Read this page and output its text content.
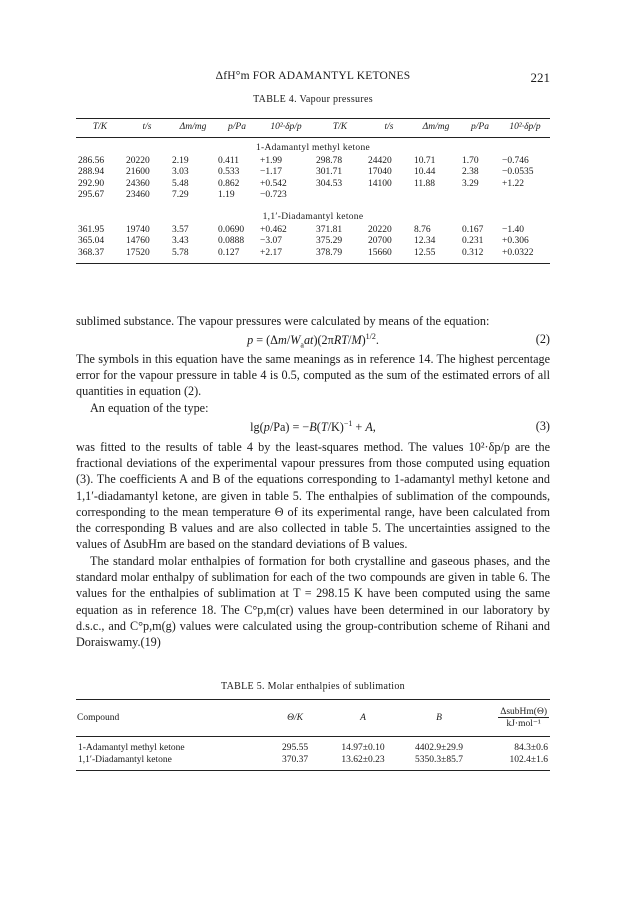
ΔfH°m FOR ADAMANTYL KETONES	221
TABLE 4. Vapour pressures
T/K	t/s	Δm/mg	p/Pa	10²·δp/p	T/K	t/s	Δm/mg	p/Pa	10²·δp/p
1-Adamantyl methyl ketone									
286.56	20220	2.19	0.411	+1.99	298.78	24420	10.71	1.70	−0.746
288.94	21600	3.03	0.533	−1.17	301.71	17040	10.44	2.38	−0.0535
292.90	24360	5.48	0.862	+0.542	304.53	14100	11.88	3.29	+1.22
295.67	23460	7.29	1.19	−0.723					

1,1′-Diadamantyl ketone									
361.95	19740	3.57	0.0690	+0.462	371.81	20220	8.76	0.167	−1.40
365.04	14760	3.43	0.0888	−3.07	375.29	20700	12.34	0.231	+0.306
368.37	17520	5.78	0.127	+2.17	378.79	15660	12.55	0.312	+0.0322
sublimed substance. The vapour pressures were calculated by means of the equation:
$p = (\Delta m/W_aat)(2\pi RT/M)^{1/2}$.	(2)
The symbols in this equation have the same meanings as in reference 14. The highest percentage error for the vapour pressure in table 4 is 0.5, computed as the sum of the estimated errors of all quantities in equation (2).
An equation of the type:
$\lg(p/Pa) = -B(T/K)^{-1} + A$,	(3)
was fitted to the results of table 4 by the least-squares method. The values 10²·δp/p are the fractional deviations of the experimental vapour pressures from those computed using equation (3). The coefficients A and B of the equations corresponding to 1-adamantyl methyl ketone and 1,1′-diadamantyl ketone, are given in table 5. The enthalpies of sublimation of the compounds, corresponding to the mean temperature Θ of its experimental range, have been calculated from the corresponding B values and are also collected in table 5. The uncertainties assigned to the values of ΔsubHm are based on the standard deviations of B values.
The standard molar enthalpies of formation for both crystalline and gaseous phases, and the standard molar enthalpy of sublimation for each of the two compounds are given in table 6. The values for the enthalpies of sublimation at T = 298.15 K have been computed using the same equation as in reference 18. The C°p,m(cr) values have been determined in our laboratory by d.s.c., and C°p,m(g) values were calculated using the group-contribution scheme of Rihani and Doraiswamy.(19)
TABLE 5. Molar enthalpies of sublimation
Compound	Θ/K	A	B	$\frac{\text{ΔsubHm(Θ)}}{\text{kJ·mol⁻¹}}$

1-Adamantyl methyl ketone	295.55	14.97±0.10	4402.9±29.9	84.3±0.6
1,1′-Diadamantyl ketone	370.37	13.62±0.23	5350.3±85.7	102.4±1.6
